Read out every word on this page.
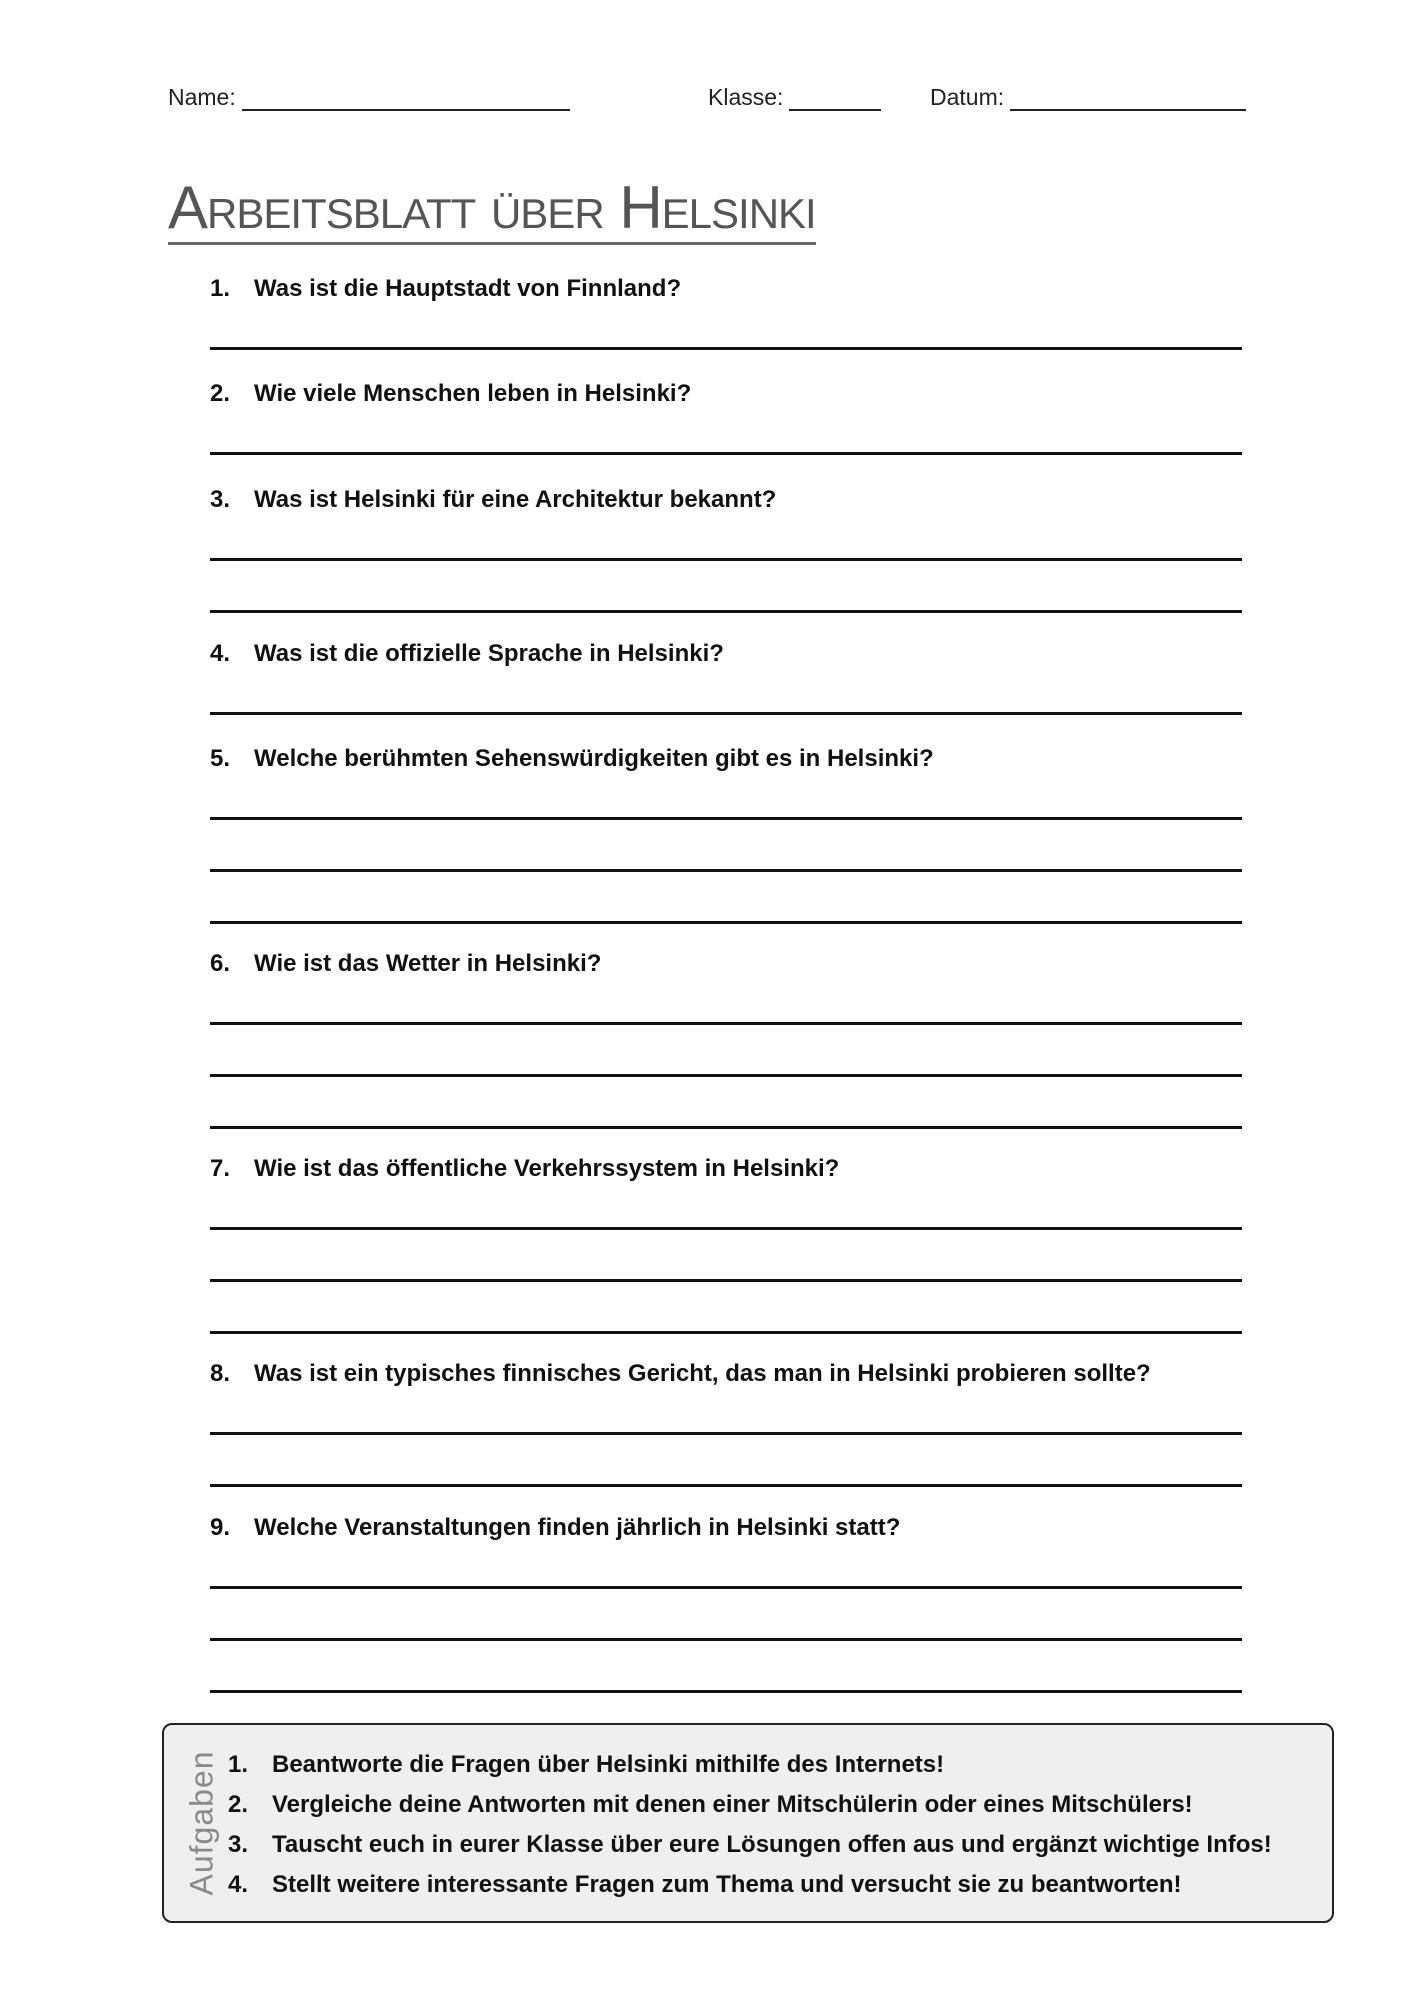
Name:	Klasse:	Datum:
Arbeitsblatt über Helsinki
1. Was ist die Hauptstadt von Finnland?
2. Wie viele Menschen leben in Helsinki?
3. Was ist Helsinki für eine Architektur bekannt?
4. Was ist die offizielle Sprache in Helsinki?
5. Welche berühmten Sehenswürdigkeiten gibt es in Helsinki?
6. Wie ist das Wetter in Helsinki?
7. Wie ist das öffentliche Verkehrssystem in Helsinki?
8. Was ist ein typisches finnisches Gericht, das man in Helsinki probieren sollte?
9. Welche Veranstaltungen finden jährlich in Helsinki statt?
Aufgaben 1. Beantworte die Fragen über Helsinki mithilfe des Internets!
2. Vergleiche deine Antworten mit denen einer Mitschülerin oder eines Mitschülers!
3. Tauscht euch in eurer Klasse über eure Lösungen offen aus und ergänzt wichtige Infos!
4. Stellt weitere interessante Fragen zum Thema und versucht sie zu beantworten!
